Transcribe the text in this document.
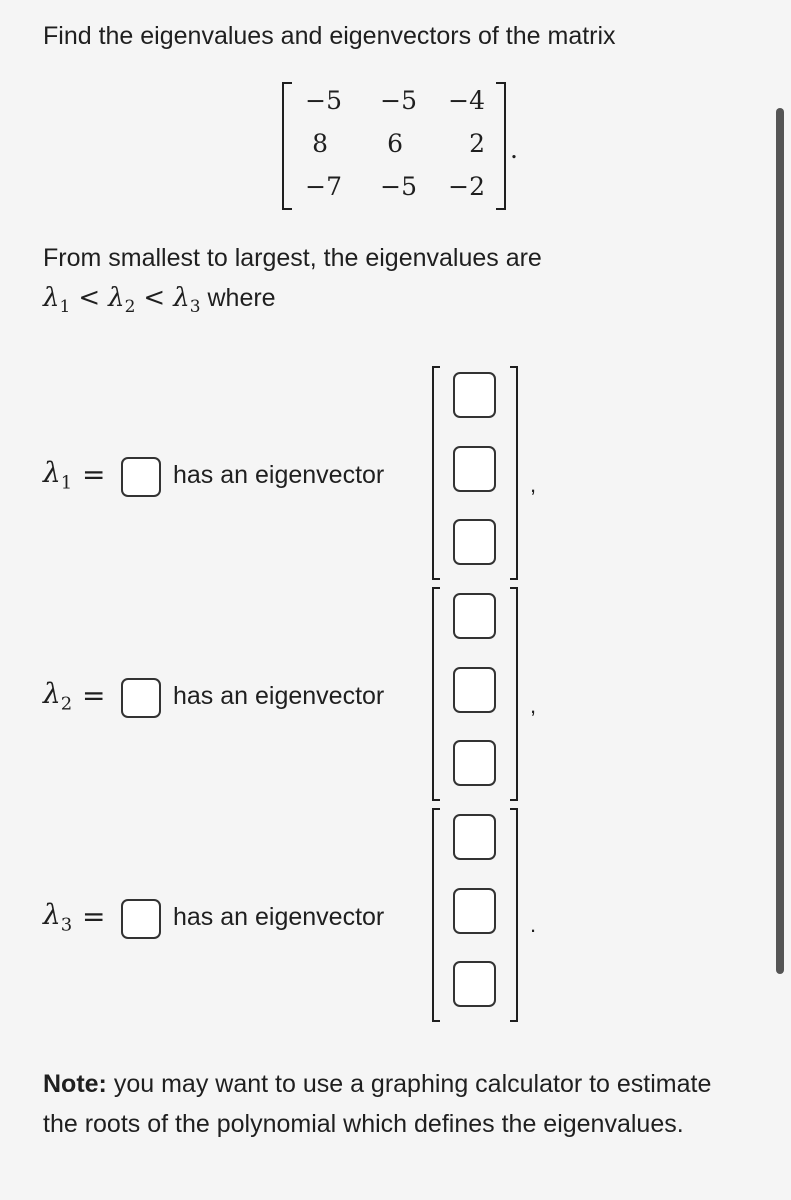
Find the eigenvalues and eigenvectors of the matrix
−5	−5	−4
8	6	2
−7	−5	−2
.
From smallest to largest, the eigenvalues are
$\lambda_1 < \lambda_2 < \lambda_3$ where
$\lambda_1$ =	has an eigenvector	,
$\lambda_2$ =	has an eigenvector	,
$\lambda_3$ =	has an eigenvector	.
Note: you may want to use a graphing calculator to estimate the roots of the polynomial which defines the eigenvalues.
